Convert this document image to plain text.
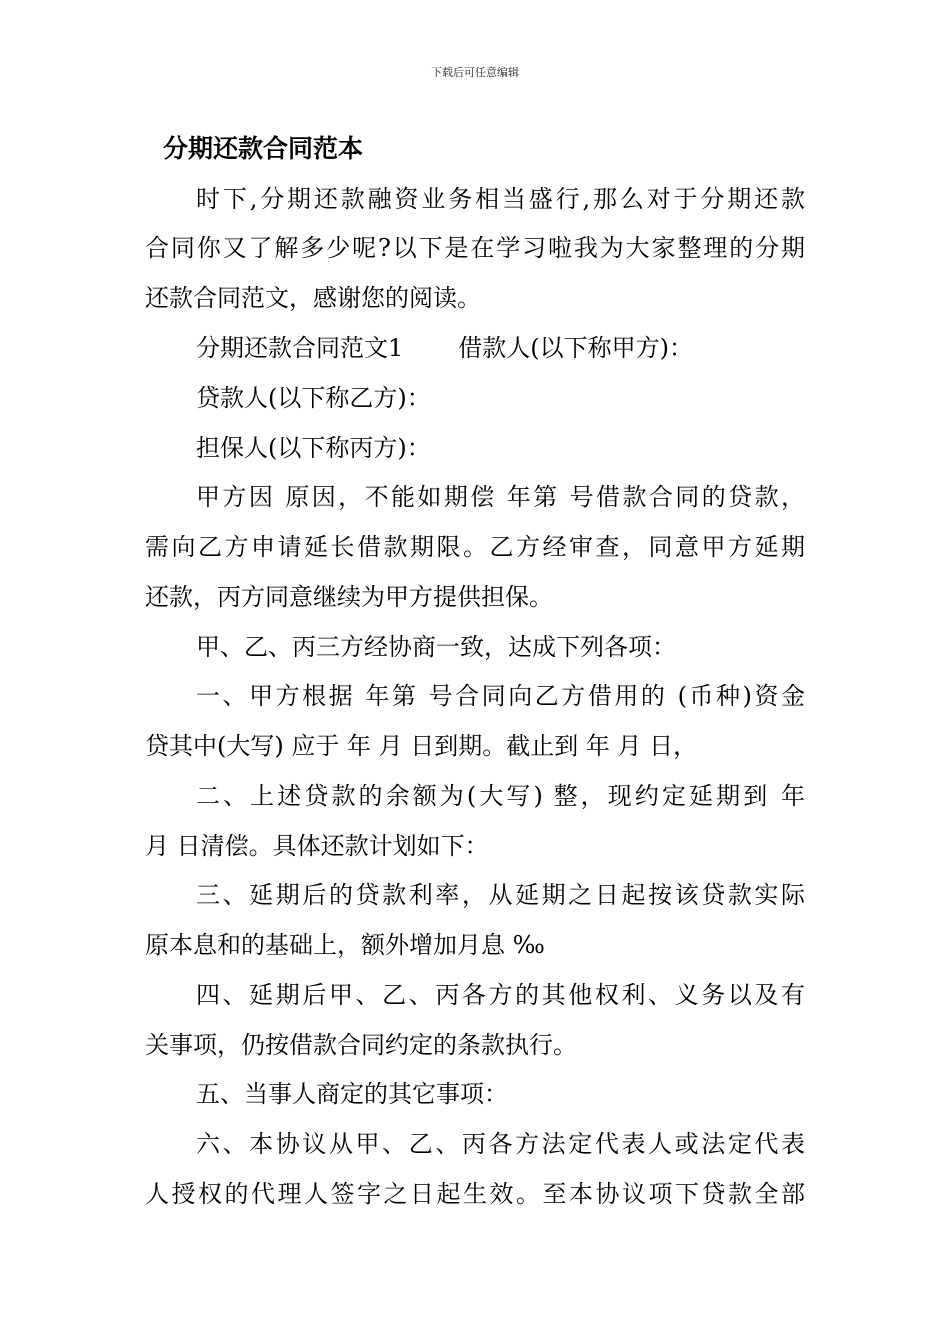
下载后可任意编辑
分期还款合同范本
时下,分期还款融资业务相当盛行,那么对于分期还款
合同你又了解多少呢?以下是在学习啦我为大家整理的分期
还款合同范文，感谢您的阅读。
分期还款合同范文1 借款人(以下称甲方)：
贷款人(以下称乙方)：
担保人(以下称丙方)：
甲方因 原因，不能如期偿 年第 号借款合同的贷款，
需向乙方申请延长借款期限。乙方经审查，同意甲方延期
还款，丙方同意继续为甲方提供担保。
甲、乙、丙三方经协商一致，达成下列各项：
一、甲方根据 年第 号合同向乙方借用的 (币种)资金
贷其中(大写) 应于 年 月 日到期。截止到 年 月 日，
二、上述贷款的余额为(大写) 整，现约定延期到 年
月 日清偿。具体还款计划如下：
三、延期后的贷款利率，从延期之日起按该贷款实际
原本息和的基础上，额外增加月息 ‰
四、延期后甲、乙、丙各方的其他权利、义务以及有
关事项，仍按借款合同约定的条款执行。
五、当事人商定的其它事项：
六、本协议从甲、乙、丙各方法定代表人或法定代表
人授权的代理人签字之日起生效。至本协议项下贷款全部
